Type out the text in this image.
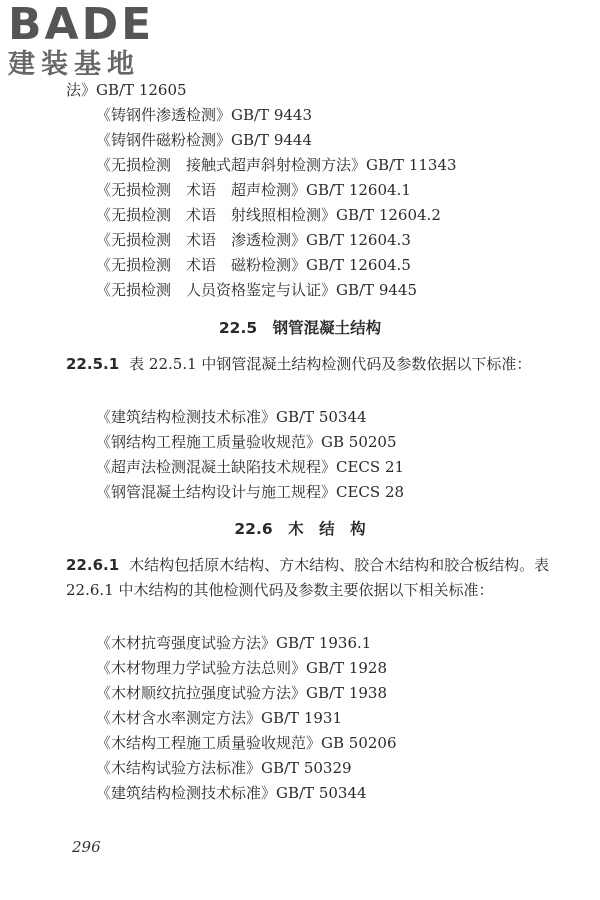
BADE
建装基地
法》GB/T 12605
《铸钢件渗透检测》GB/T 9443
《铸钢件磁粉检测》GB/T 9444
《无损检测　接触式超声斜射检测方法》GB/T 11343
《无损检测　术语　超声检测》GB/T 12604.1
《无损检测　术语　射线照相检测》GB/T 12604.2
《无损检测　术语　渗透检测》GB/T 12604.3
《无损检测　术语　磁粉检测》GB/T 12604.5
《无损检测　人员资格鉴定与认证》GB/T 9445
22.5　钢管混凝土结构
22.5.1 表 22.5.1 中钢管混凝土结构检测代码及参数依据以下标准：
《建筑结构检测技术标准》GB/T 50344
《钢结构工程施工质量验收规范》GB 50205
《超声法检测混凝土缺陷技术规程》CECS 21
《钢管混凝土结构设计与施工规程》CECS 28
22.6　木　结　构
22.6.1 木结构包括原木结构、方木结构、胶合木结构和胶合板结构。表 22.6.1 中木结构的其他检测代码及参数主要依据以下相关标准：
《木材抗弯强度试验方法》GB/T 1936.1
《木材物理力学试验方法总则》GB/T 1928
《木材顺纹抗拉强度试验方法》GB/T 1938
《木材含水率测定方法》GB/T 1931
《木结构工程施工质量验收规范》GB 50206
《木结构试验方法标准》GB/T 50329
《建筑结构检测技术标准》GB/T 50344
296
